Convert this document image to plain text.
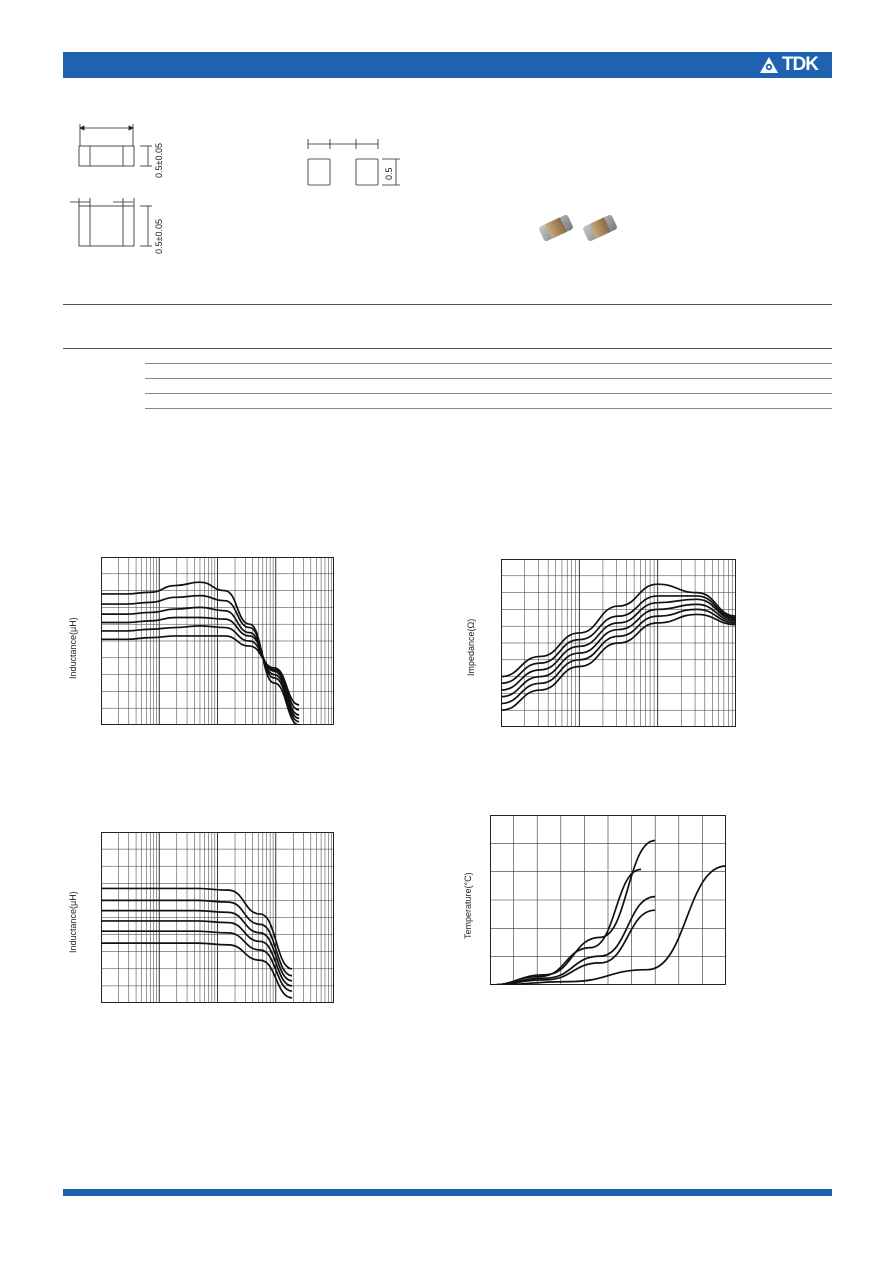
TDK
0.5±0.05
0.5±0.05
0.5
Inductance(μH)	Impedance(Ω)
Inductance(μH)	Temperature(°C)
